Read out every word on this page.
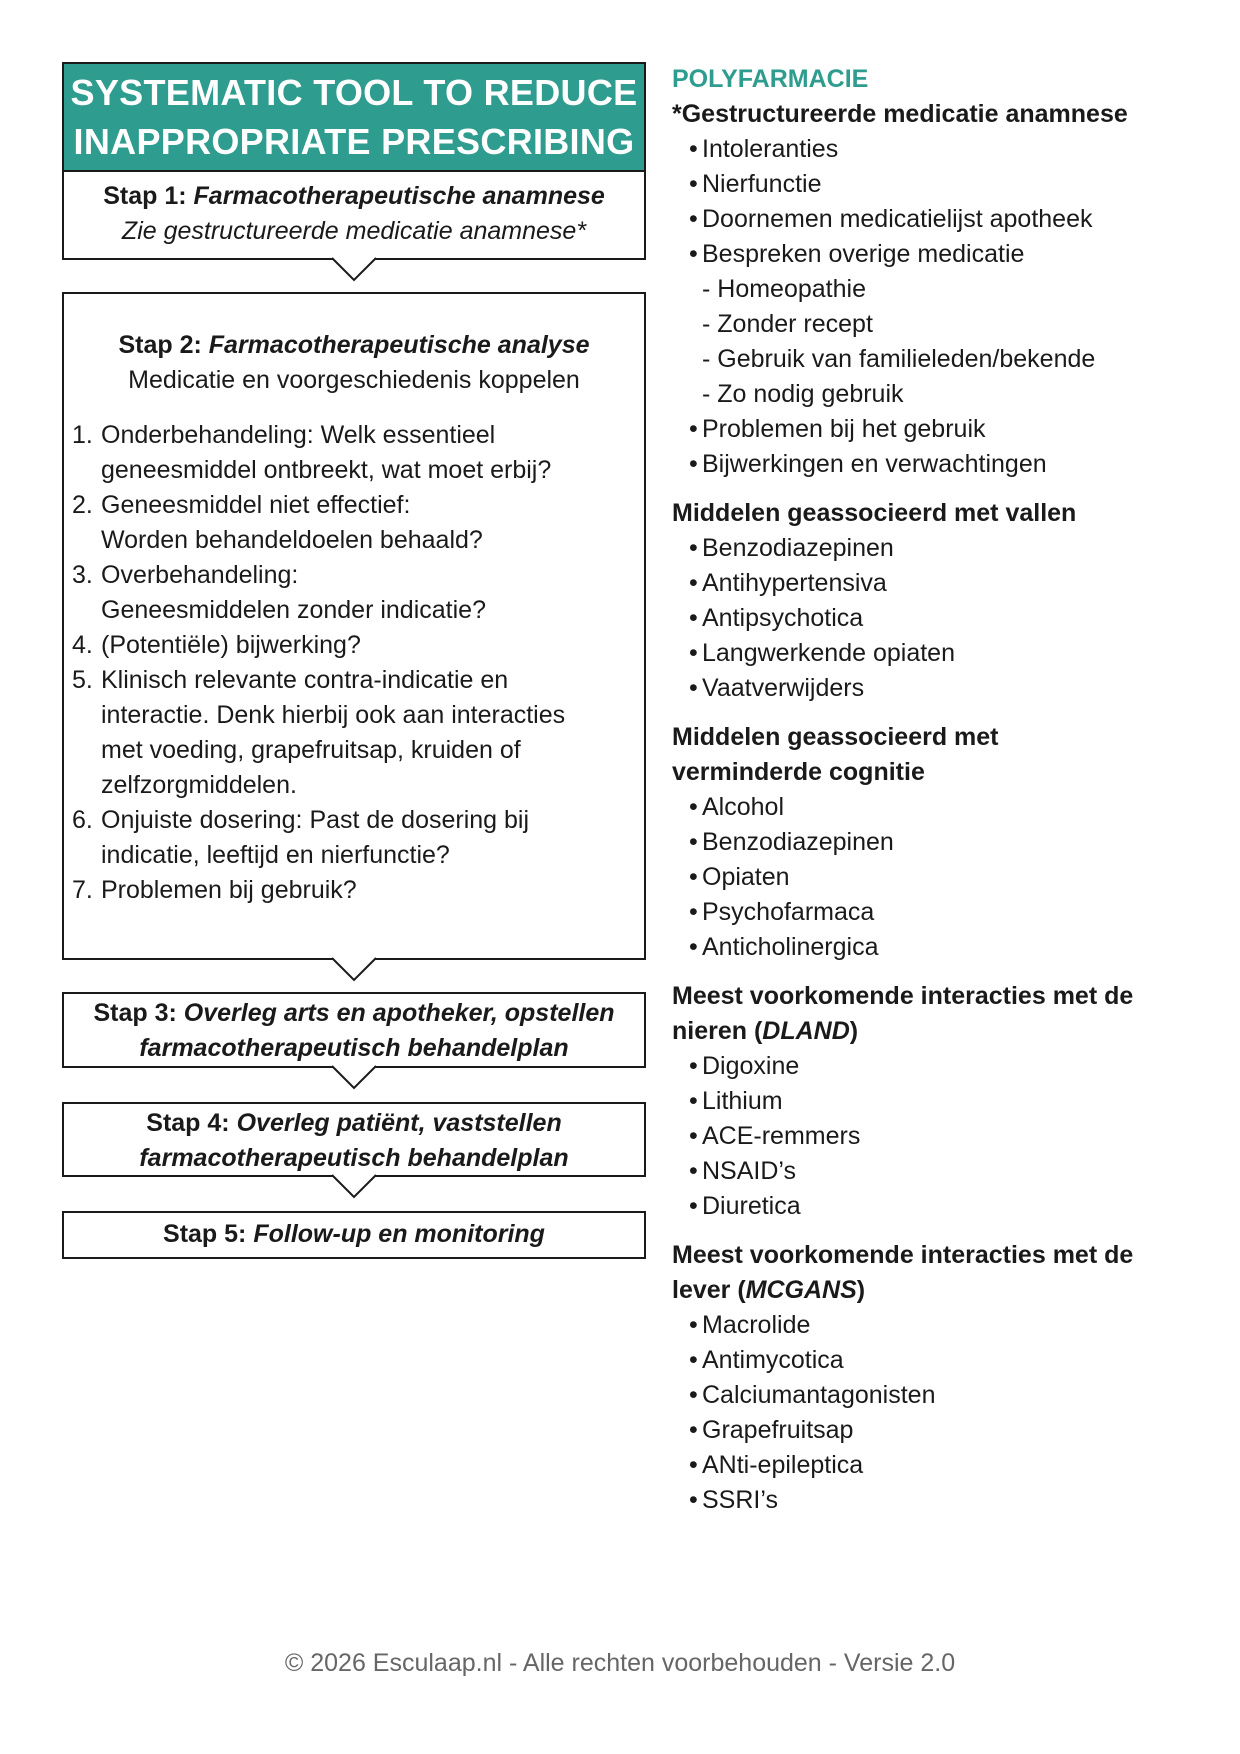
SYSTEMATIC TOOL TO REDUCE
INAPPROPRIATE PRESCRIBING
Stap 1: Farmacotherapeutische anamnese
Zie gestructureerde medicatie anamnese*
Stap 2: Farmacotherapeutische analyse
Medicatie en voorgeschiedenis koppelen
1. Onderbehandeling: Welk essentieel
geneesmiddel ontbreekt, wat moet erbij?
2. Geneesmiddel niet effectief:
Worden behandeldoelen behaald?
3. Overbehandeling:
Geneesmiddelen zonder indicatie?
4. (Potentiële) bijwerking?
5. Klinisch relevante contra-indicatie en
interactie. Denk hierbij ook aan interacties
met voeding, grapefruitsap, kruiden of
zelfzorgmiddelen.
6. Onjuiste dosering: Past de dosering bij
indicatie, leeftijd en nierfunctie?
7. Problemen bij gebruik?
Stap 3: Overleg arts en apotheker, opstellen
farmacotherapeutisch behandelplan
Stap 4: Overleg patiënt, vaststellen
farmacotherapeutisch behandelplan
Stap 5: Follow-up en monitoring
POLYFARMACIE
*Gestructureerde medicatie anamnese
• Intoleranties
• Nierfunctie
• Doornemen medicatielijst apotheek
• Bespreken overige medicatie
- Homeopathie
- Zonder recept
- Gebruik van familieleden/bekende
- Zo nodig gebruik
• Problemen bij het gebruik
• Bijwerkingen en verwachtingen
Middelen geassocieerd met vallen
• Benzodiazepinen
• Antihypertensiva
• Antipsychotica
• Langwerkende opiaten
• Vaatverwijders
Middelen geassocieerd met
verminderde cognitie
• Alcohol
• Benzodiazepinen
• Opiaten
• Psychofarmaca
• Anticholinergica
Meest voorkomende interacties met de
nieren (DLAND)
• Digoxine
• Lithium
• ACE-remmers
• NSAID’s
• Diuretica
Meest voorkomende interacties met de
lever (MCGANS)
• Macrolide
• Antimycotica
• Calciumantagonisten
• Grapefruitsap
• ANti-epileptica
• SSRI’s
© 2026 Esculaap.nl - Alle rechten voorbehouden - Versie 2.0
